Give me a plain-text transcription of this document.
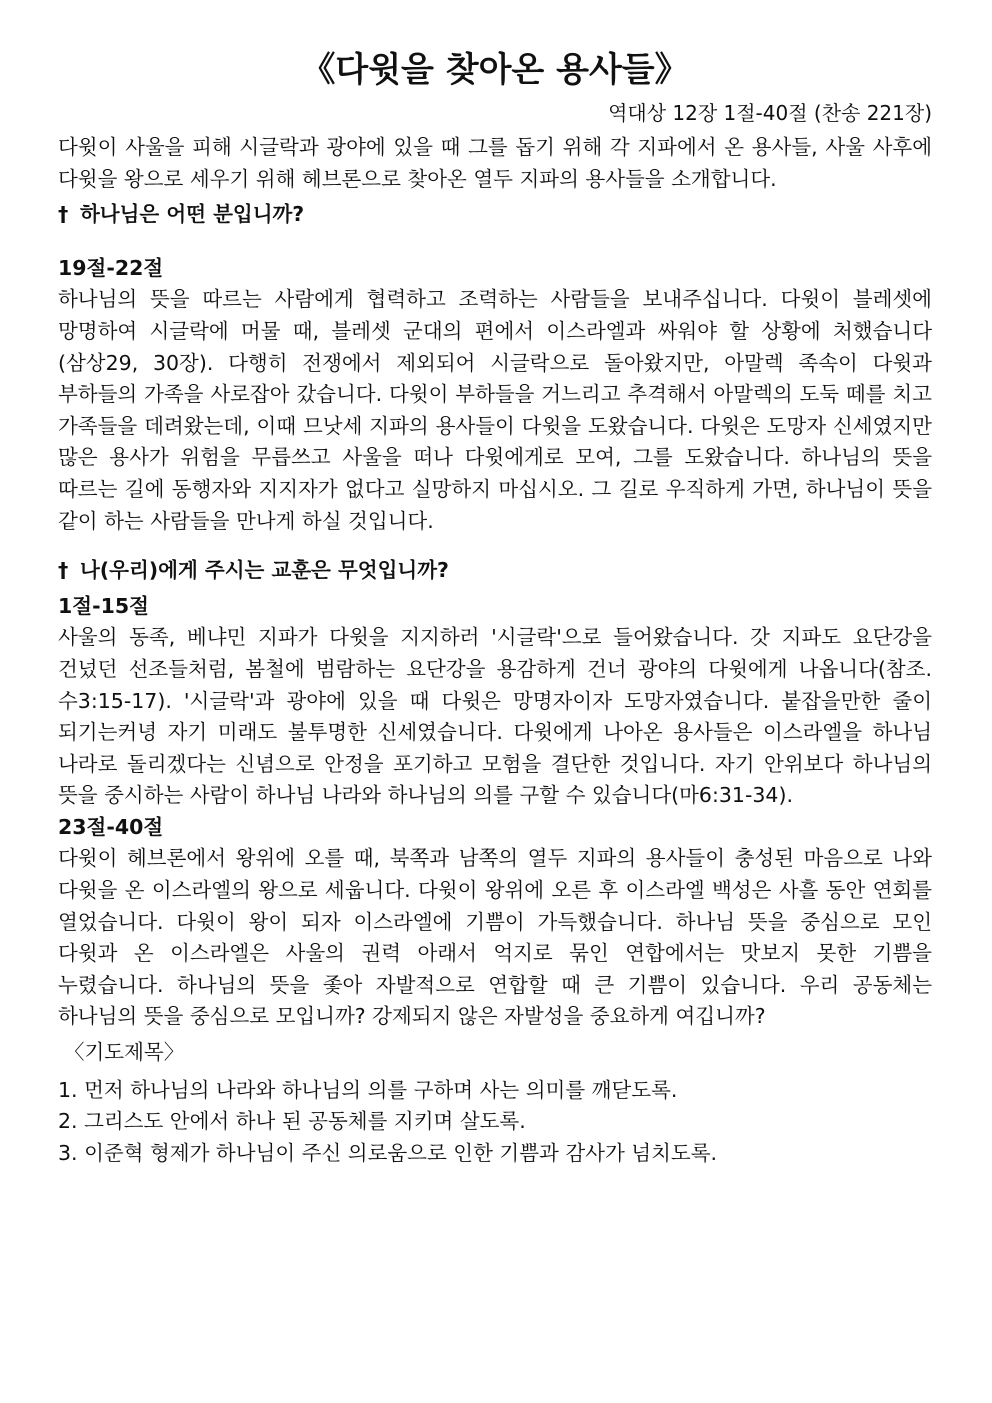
《다윗을 찾아온 용사들》
역대상 12장 1절-40절 (찬송 221장)

다윗이 사울을 피해 시글락과 광야에 있을 때 그를 돕기 위해 각 지파에서 온 용사들, 사울 사후에 다윗을 왕으로 세우기 위해 헤브론으로 찾아온 열두 지파의 용사들을 소개합니다.

† 하나님은 어떤 분입니까?
19절-22절

하나님의 뜻을 따르는 사람에게 협력하고 조력하는 사람들을 보내주십니다. 다윗이 블레셋에 망명하여 시글락에 머물 때, 블레셋 군대의 편에서 이스라엘과 싸워야 할 상황에 처했습니다(삼상29, 30장). 다행히 전쟁에서 제외되어 시글락으로 돌아왔지만, 아말렉 족속이 다윗과 부하들의 가족을 사로잡아 갔습니다. 다윗이 부하들을 거느리고 추격해서 아말렉의 도둑 떼를 치고 가족들을 데려왔는데, 이때 므낫세 지파의 용사들이 다윗을 도왔습니다. 다윗은 도망자 신세였지만 많은 용사가 위험을 무릅쓰고 사울을 떠나 다윗에게로 모여, 그를 도왔습니다. 하나님의 뜻을 따르는 길에 동행자와 지지자가 없다고 실망하지 마십시오. 그 길로 우직하게 가면, 하나님이 뜻을 같이 하는 사람들을 만나게 하실 것입니다.

† 나(우리)에게 주시는 교훈은 무엇입니까?
1절-15절

사울의 동족, 베냐민 지파가 다윗을 지지하러 '시글락'으로 들어왔습니다. 갓 지파도 요단강을 건넜던 선조들처럼, 봄철에 범람하는 요단강을 용감하게 건너 광야의 다윗에게 나옵니다(참조. 수3:15-17). '시글락'과 광야에 있을 때 다윗은 망명자이자 도망자였습니다. 붙잡을만한 줄이 되기는커녕 자기 미래도 불투명한 신세였습니다. 다윗에게 나아온 용사들은 이스라엘을 하나님 나라로 돌리겠다는 신념으로 안정을 포기하고 모험을 결단한 것입니다. 자기 안위보다 하나님의 뜻을 중시하는 사람이 하나님 나라와 하나님의 의를 구할 수 있습니다(마6:31-34).

23절-40절

다윗이 헤브론에서 왕위에 오를 때, 북쪽과 남쪽의 열두 지파의 용사들이 충성된 마음으로 나와 다윗을 온 이스라엘의 왕으로 세웁니다. 다윗이 왕위에 오른 후 이스라엘 백성은 사흘 동안 연회를 열었습니다. 다윗이 왕이 되자 이스라엘에 기쁨이 가득했습니다. 하나님 뜻을 중심으로 모인 다윗과 온 이스라엘은 사울의 권력 아래서 억지로 묶인 연합에서는 맛보지 못한 기쁨을 누렸습니다. 하나님의 뜻을 좇아 자발적으로 연합할 때 큰 기쁨이 있습니다. 우리 공동체는 하나님의 뜻을 중심으로 모입니까? 강제되지 않은 자발성을 중요하게 여깁니까?

〈기도제목〉
1. 먼저 하나님의 나라와 하나님의 의를 구하며 사는 의미를 깨닫도록.
2. 그리스도 안에서 하나 된 공동체를 지키며 살도록.
3. 이준혁 형제가 하나님이 주신 의로움으로 인한 기쁨과 감사가 넘치도록.
